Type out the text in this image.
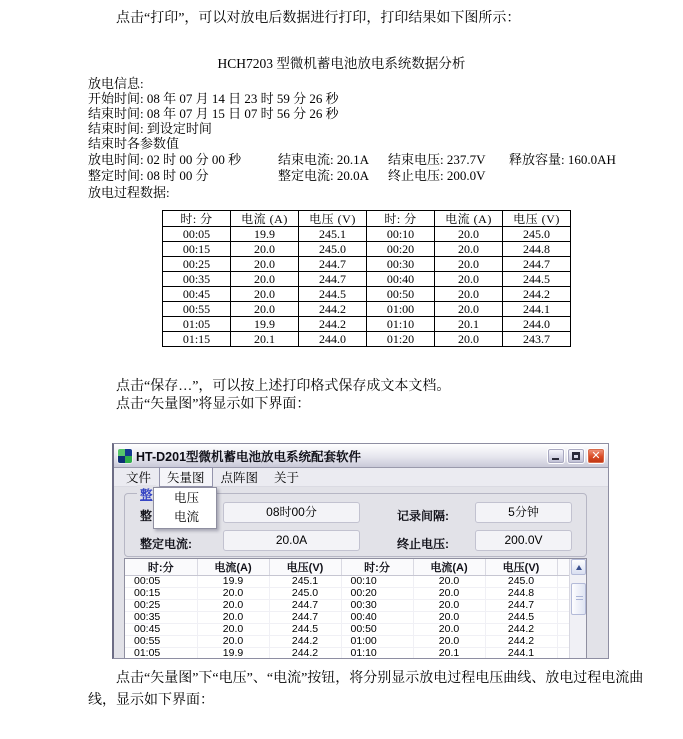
点击“打印”，可以对放电后数据进行打印，打印结果如下图所示：

HCH7203 型微机蓄电池放电系统数据分析
放电信息:
开始时间: 08 年 07 月 14 日 23 时 59 分 26 秒
结束时间: 08 年 07 月 15 日 07 时 56 分 26 秒
结束时间: 到设定时间
结束时各参数值
放电时间: 02 时 00 分 00 秒	结束电流: 20.1A 结束电压: 237.7V 释放容量: 160.0AH
整定时间: 08 时 00 分	整定电流: 20.0A 终止电压: 200.0V
放电过程数据:
时: 分	电流 (A)	电压 (V)	时: 分	电流 (A)	电压 (V)
00:05	19.9	245.1	00:10	20.0	245.0
00:15	20.0	245.0	00:20	20.0	244.8
00:25	20.0	244.7	00:30	20.0	244.7
00:35	20.0	244.7	00:40	20.0	244.5
00:45	20.0	244.5	00:50	20.0	244.2
00:55	20.0	244.2	01:00	20.0	244.1
01:05	19.9	244.2	01:10	20.1	244.0
01:15	20.1	244.0	01:20	20.0	243.7

点击“保存…”，可以按上述打印格式保存成文本文档。

点击“矢量图”将显示如下界面：

HT-D201型微机蓄电池放电系统配套软件	✕
文件	矢量图	点阵图	关于
整
整	08时00分	记录间隔:	5分钟
整定电流:	20.0A	终止电压:	200.0V
电压
电流
时:分	电流(A)	电压(V)	时:分	电流(A)	电压(V)	
00:05	19.9	245.1	00:10	20.0	245.0	
00:15	20.0	245.0	00:20	20.0	244.8	
00:25	20.0	244.7	00:30	20.0	244.7	
00:35	20.0	244.7	00:40	20.0	244.5	
00:45	20.0	244.5	00:50	20.0	244.2	
00:55	20.0	244.2	01:00	20.0	244.2	
01:05	19.9	244.2	01:10	20.1	244.1	

点击“矢量图”下“电压”、“电流”按钮，将分别显示放电过程电压曲线、放电过程电流曲线，显示如下界面：
